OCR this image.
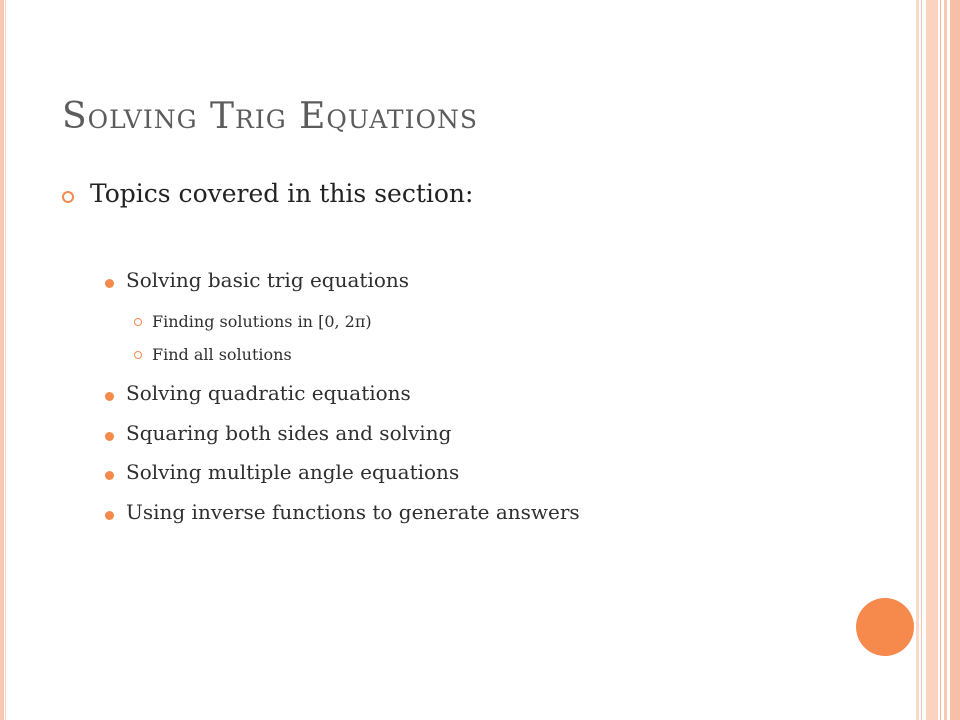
Solving Trig Equations
Topics covered in this section:
Solving basic trig equations
Finding solutions in [0, 2π)
Find all solutions
Solving quadratic equations
Squaring both sides and solving
Solving multiple angle equations
Using inverse functions to generate answers
